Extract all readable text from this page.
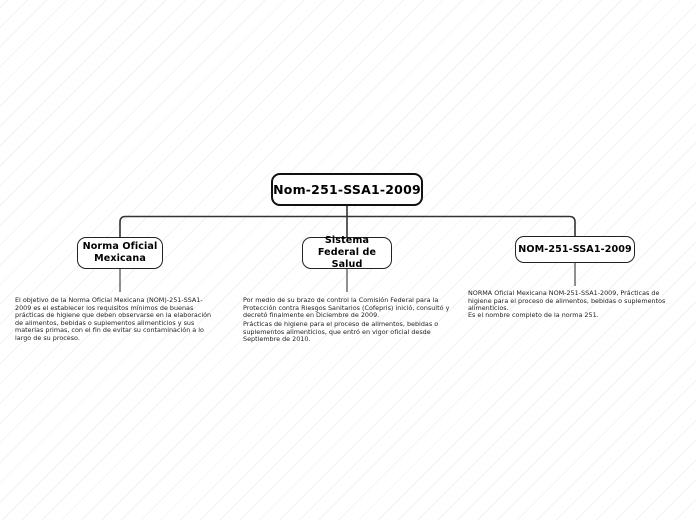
Nom-251-SSA1-2009
Norma Oficial Mexicana
Sistema Federal de Salud
NOM-251-SSA1-2009
El objetivo de la Norma Oficial Mexicana (NOM)-251-SSA1-2009 es el establecer los requisitos mínimos de buenas prácticas de higiene que deben observarse en la elaboración de alimentos, bebidas o suplementos alimenticios y sus materias primas, con el fin de evitar su contaminación a lo largo de su proceso.
Por medio de su brazo de control la Comisión Federal para la Protección contra Riesgos Sanitarios (Cofepris) inició, consultó y decretó finalmente en Diciembre de 2009.
Prácticas de higiene para el proceso de alimentos, bebidas o suplementos alimenticios, que entró en vigor oficial desde Septiembre de 2010.
NORMA Oficial Mexicana NOM-251-SSA1-2009, Prácticas de higiene para el proceso de alimentos, bebidas o suplementos alimenticios.
Es el nombre completo de la norma 251.
